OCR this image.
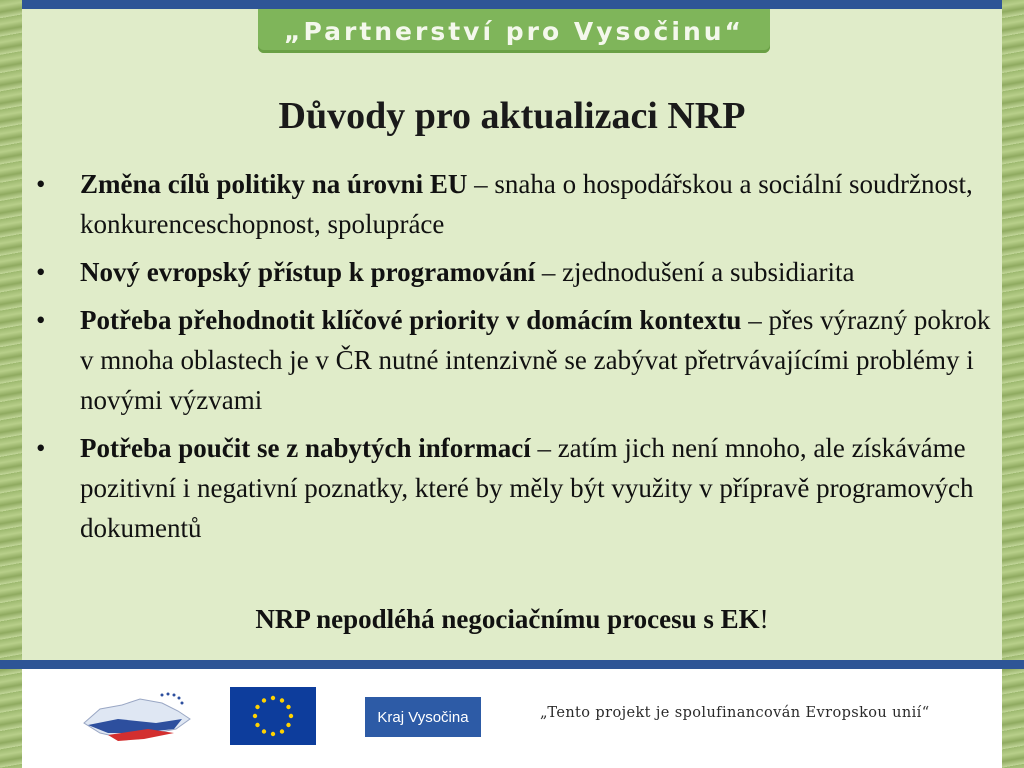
„Partnerství pro Vysočinu“
Důvody pro aktualizaci NRP
• Změna cílů politiky na úrovni EU – snaha o hospodářskou a sociální soudržnost, konkurenceschopnost, spolupráce
• Nový evropský přístup k programování – zjednodušení a subsidiarita
• Potřeba přehodnotit klíčové priority v domácím kontextu – přes výrazný pokrok v mnoha oblastech je v ČR nutné intenzivně se zabývat přetrvávajícími problémy i novými výzvami
• Potřeba poučit se z nabytých informací – zatím jich není mnoho, ale získáváme pozitivní i negativní poznatky, které by měly být využity v přípravě programových dokumentů
NRP nepodléhá negociačnímu procesu s EK!
Kraj Vysočina	„Tento projekt je spolufinancován Evropskou unií“
